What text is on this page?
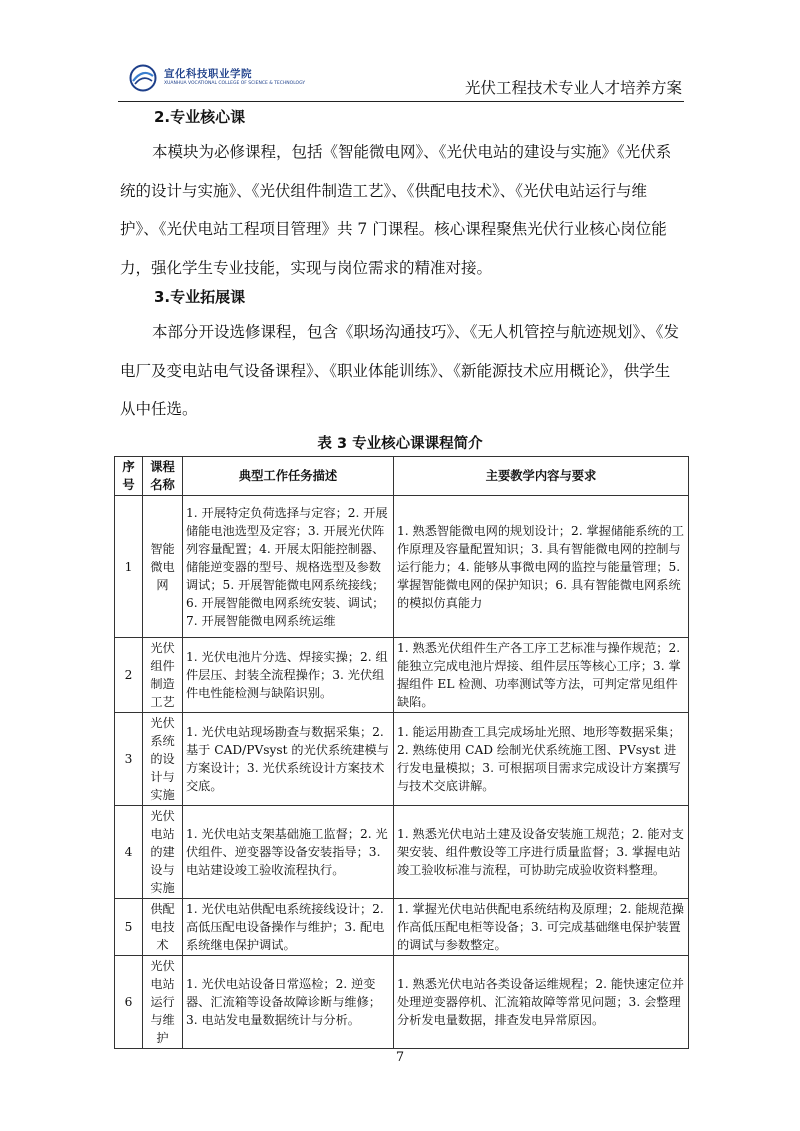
宣化科技职业学院
XUANHUA VOCATIONAL COLLEGE OF SCIENCE & TECHNOLOGY	光伏工程技术专业人才培养方案
2.专业核心课

本模块为必修课程，包括《智能微电网》、《光伏电站的建设与实施》《光伏系统的设计与实施》、《光伏组件制造工艺》、《供配电技术》、《光伏电站运行与维护》、《光伏电站工程项目管理》共 7 门课程。核心课程聚焦光伏行业核心岗位能力，强化学生专业技能，实现与岗位需求的精准对接。

3.专业拓展课

本部分开设选修课程，包含《职场沟通技巧》、《无人机管控与航迹规划》、《发电厂及变电站电气设备课程》、《职业体能训练》、《新能源技术应用概论》，供学生从中任选。

表 3 专业核心课课程简介
序号	课程名称	典型工作任务描述	主要教学内容与要求
1	智能微电网	1. 开展特定负荷选择与定容；2. 开展储能电池选型及定容；3. 开展光伏阵列容量配置；4. 开展太阳能控制器、储能逆变器的型号、规格选型及参数调试；5. 开展智能微电网系统接线；6. 开展智能微电网系统安装、调试；7. 开展智能微电网系统运维	1. 熟悉智能微电网的规划设计；2. 掌握储能系统的工作原理及容量配置知识；3. 具有智能微电网的控制与运行能力；4. 能够从事微电网的监控与能量管理；5. 掌握智能微电网的保护知识；6. 具有智能微电网系统的模拟仿真能力
2	光伏组件制造工艺	1. 光伏电池片分选、焊接实操；2. 组件层压、封装全流程操作；3. 光伏组件电性能检测与缺陷识别。	1. 熟悉光伏组件生产各工序工艺标准与操作规范；2. 能独立完成电池片焊接、组件层压等核心工序；3. 掌握组件 EL 检测、功率测试等方法，可判定常见组件缺陷。
3	光伏系统的设计与实施	1. 光伏电站现场勘查与数据采集；2. 基于 CAD/PVsyst 的光伏系统建模与方案设计；3. 光伏系统设计方案技术交底。	1. 能运用勘查工具完成场址光照、地形等数据采集；2. 熟练使用 CAD 绘制光伏系统施工图、PVsyst 进行发电量模拟；3. 可根据项目需求完成设计方案撰写与技术交底讲解。
4	光伏电站的建设与实施	1. 光伏电站支架基础施工监督；2. 光伏组件、逆变器等设备安装指导；3. 电站建设竣工验收流程执行。	1. 熟悉光伏电站土建及设备安装施工规范；2. 能对支架安装、组件敷设等工序进行质量监督；3. 掌握电站竣工验收标准与流程，可协助完成验收资料整理。
5	供配电技术	1. 光伏电站供配电系统接线设计；2. 高低压配电设备操作与维护；3. 配电系统继电保护调试。	1. 掌握光伏电站供配电系统结构及原理；2. 能规范操作高低压配电柜等设备；3. 可完成基础继电保护装置的调试与参数整定。
6	光伏电站运行与维护	1. 光伏电站设备日常巡检；2. 逆变器、汇流箱等设备故障诊断与维修；3. 电站发电量数据统计与分析。	1. 熟悉光伏电站各类设备运维规程；2. 能快速定位并处理逆变器停机、汇流箱故障等常见问题；3. 会整理分析发电量数据，排查发电异常原因。
7
